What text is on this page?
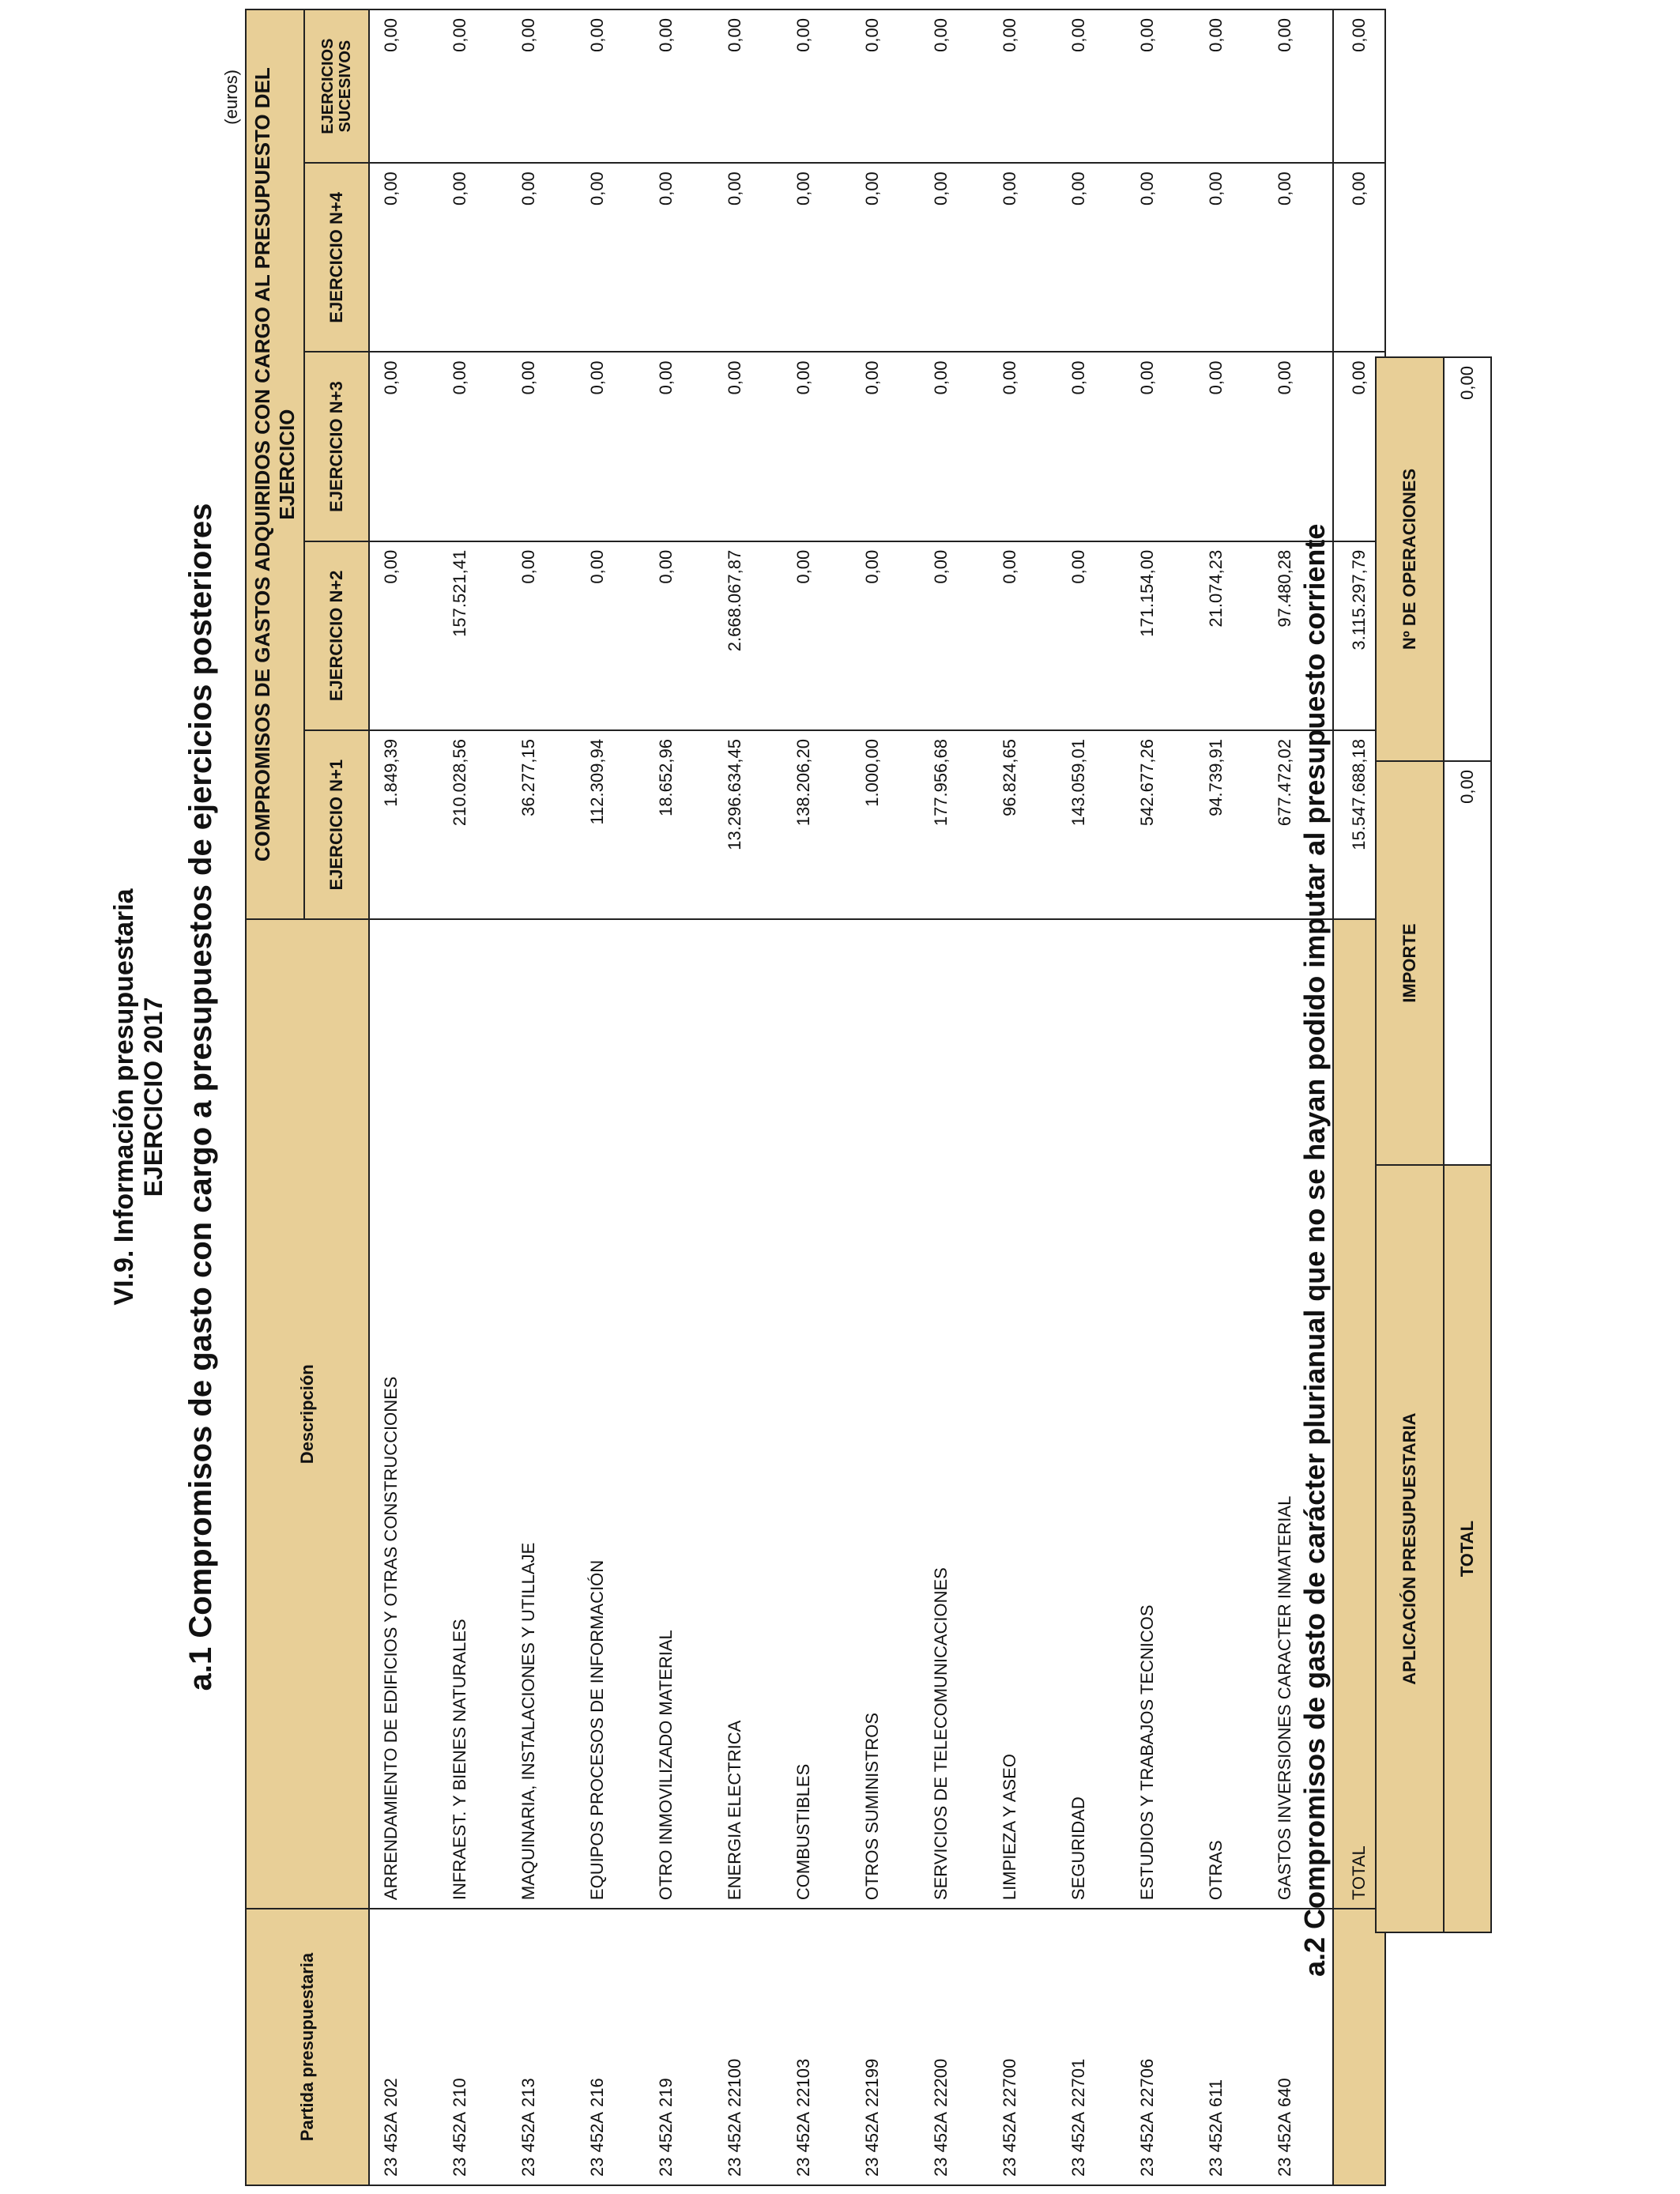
VI.9. Información presupuestaria EJERCICIO 2017 a.1 Compromisos de gasto con cargo a presupuestos de ejercicios posteriores
(euros)
Partida presupuestaria	Descripción	COMPROMISOS DE GASTOS ADQUIRIDOS CON CARGO AL PRESUPUESTO DEL EJERCICIO				
		EJERCICIO N+1	EJERCICIO N+2	EJERCICIO N+3	EJERCICIO N+4	EJERCICIOS SUCESIVOS
23 452A202	ARRENDAMIENTO DE EDIFICIOS Y OTRAS CONSTRUCCIONES	1.849,39	0,00	0,00	0,00	0,00
23 452A210	INFRAEST. Y BIENES NATURALES	210.028,56	157.521,41	0,00	0,00	0,00
23 452A213	MAQUINARIA, INSTALACIONES Y UTILLAJE	36.277,15	0,00	0,00	0,00	0,00
23 452A216	EQUIPOS PROCESOS DE INFORMACIÓN	112.309,94	0,00	0,00	0,00	0,00
23 452A219	OTRO INMOVILIZADO MATERIAL	18.652,96	0,00	0,00	0,00	0,00
23 452A22100	ENERGIA ELECTRICA	13.296.634,45	2.668.067,87	0,00	0,00	0,00
23 452A22103	COMBUSTIBLES	138.206,20	0,00	0,00	0,00	0,00
23 452A22199	OTROS SUMINISTROS	1.000,00	0,00	0,00	0,00	0,00
23 452A22200	SERVICIOS DE TELECOMUNICACIONES	177.956,68	0,00	0,00	0,00	0,00
23 452A22700	LIMPIEZA Y ASEO	96.824,65	0,00	0,00	0,00	0,00
23 452A22701	SEGURIDAD	143.059,01	0,00	0,00	0,00	0,00
23 452A22706	ESTUDIOS Y TRABAJOS TECNICOS	542.677,26	171.154,00	0,00	0,00	0,00
23 452A611	OTRAS	94.739,91	21.074,23	0,00	0,00	0,00
23 452A640	GASTOS INVERSIONES CARACTER INMATERIAL	677.472,02	97.480,28	0,00	0,00	0,00
	TOTAL	15.547.688,18	3.115.297,79	0,00	0,00	0,00
a.2 Compromisos de gasto de carácter plurianual que no se hayan podido imputar al presupuesto corriente	APLICACIÓN PRESUPUESTARIA	IMPORTE	Nº DE OPERACIONES
TOTAL	0,00	0,00
